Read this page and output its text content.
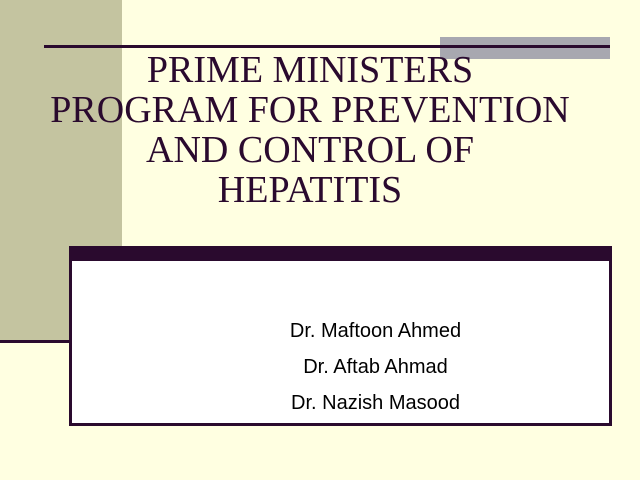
PRIME MINISTERS
PROGRAM FOR PREVENTION
AND CONTROL OF
HEPATITIS
Dr. Maftoon Ahmed
Dr. Aftab Ahmad
Dr. Nazish Masood
